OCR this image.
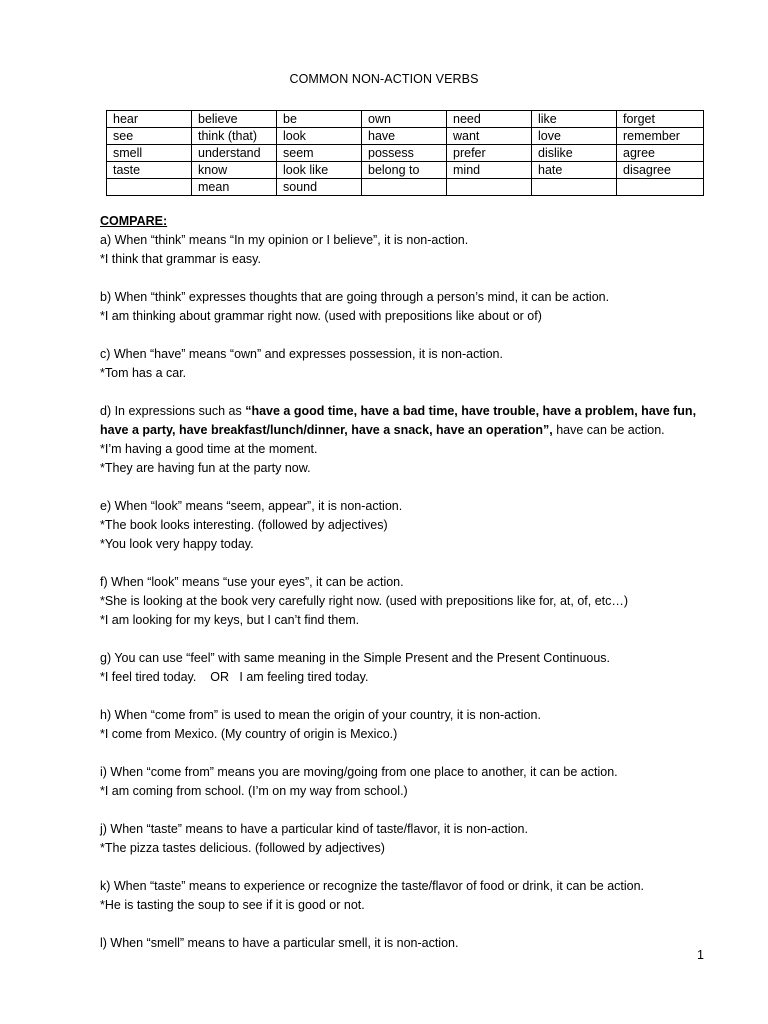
COMMON NON-ACTION VERBS
hear	believe	be	own	need	like	forget
see	think (that)	look	have	want	love	remember
smell	understand	seem	possess	prefer	dislike	agree
taste	know	look like	belong to	mind	hate	disagree
	mean	sound				

COMPARE:

a) When “think” means “In my opinion or I believe”, it is non-action.

*I think that grammar is easy.

b) When “think” expresses thoughts that are going through a person’s mind, it can be action.

*I am thinking about grammar right now. (used with prepositions like about or of)

c) When “have” means “own” and expresses possession, it is non-action.

*Tom has a car.

d) In expressions such as “have a good time, have a bad time, have trouble, have a problem, have fun,

have a party, have breakfast/lunch/dinner, have a snack, have an operation”, have can be action.

*I’m having a good time at the moment.

*They are having fun at the party now.

e) When “look” means “seem, appear”, it is non-action.

*The book looks interesting. (followed by adjectives)

*You look very happy today.

f) When “look” means “use your eyes”, it can be action.

*She is looking at the book very carefully right now. (used with prepositions like for, at, of, etc…)

*I am looking for my keys, but I can’t find them.

g) You can use “feel” with same meaning in the Simple Present and the Present Continuous.

*I feel tired today.    OR   I am feeling tired today.

h) When “come from” is used to mean the origin of your country, it is non-action.

*I come from Mexico. (My country of origin is Mexico.)

i) When “come from” means you are moving/going from one place to another, it can be action.

*I am coming from school. (I’m on my way from school.)

j) When “taste” means to have a particular kind of taste/flavor, it is non-action.

*The pizza tastes delicious. (followed by adjectives)

k) When “taste” means to experience or recognize the taste/flavor of food or drink, it can be action.

*He is tasting the soup to see if it is good or not.

l) When “smell” means to have a particular smell, it is non-action.

1
